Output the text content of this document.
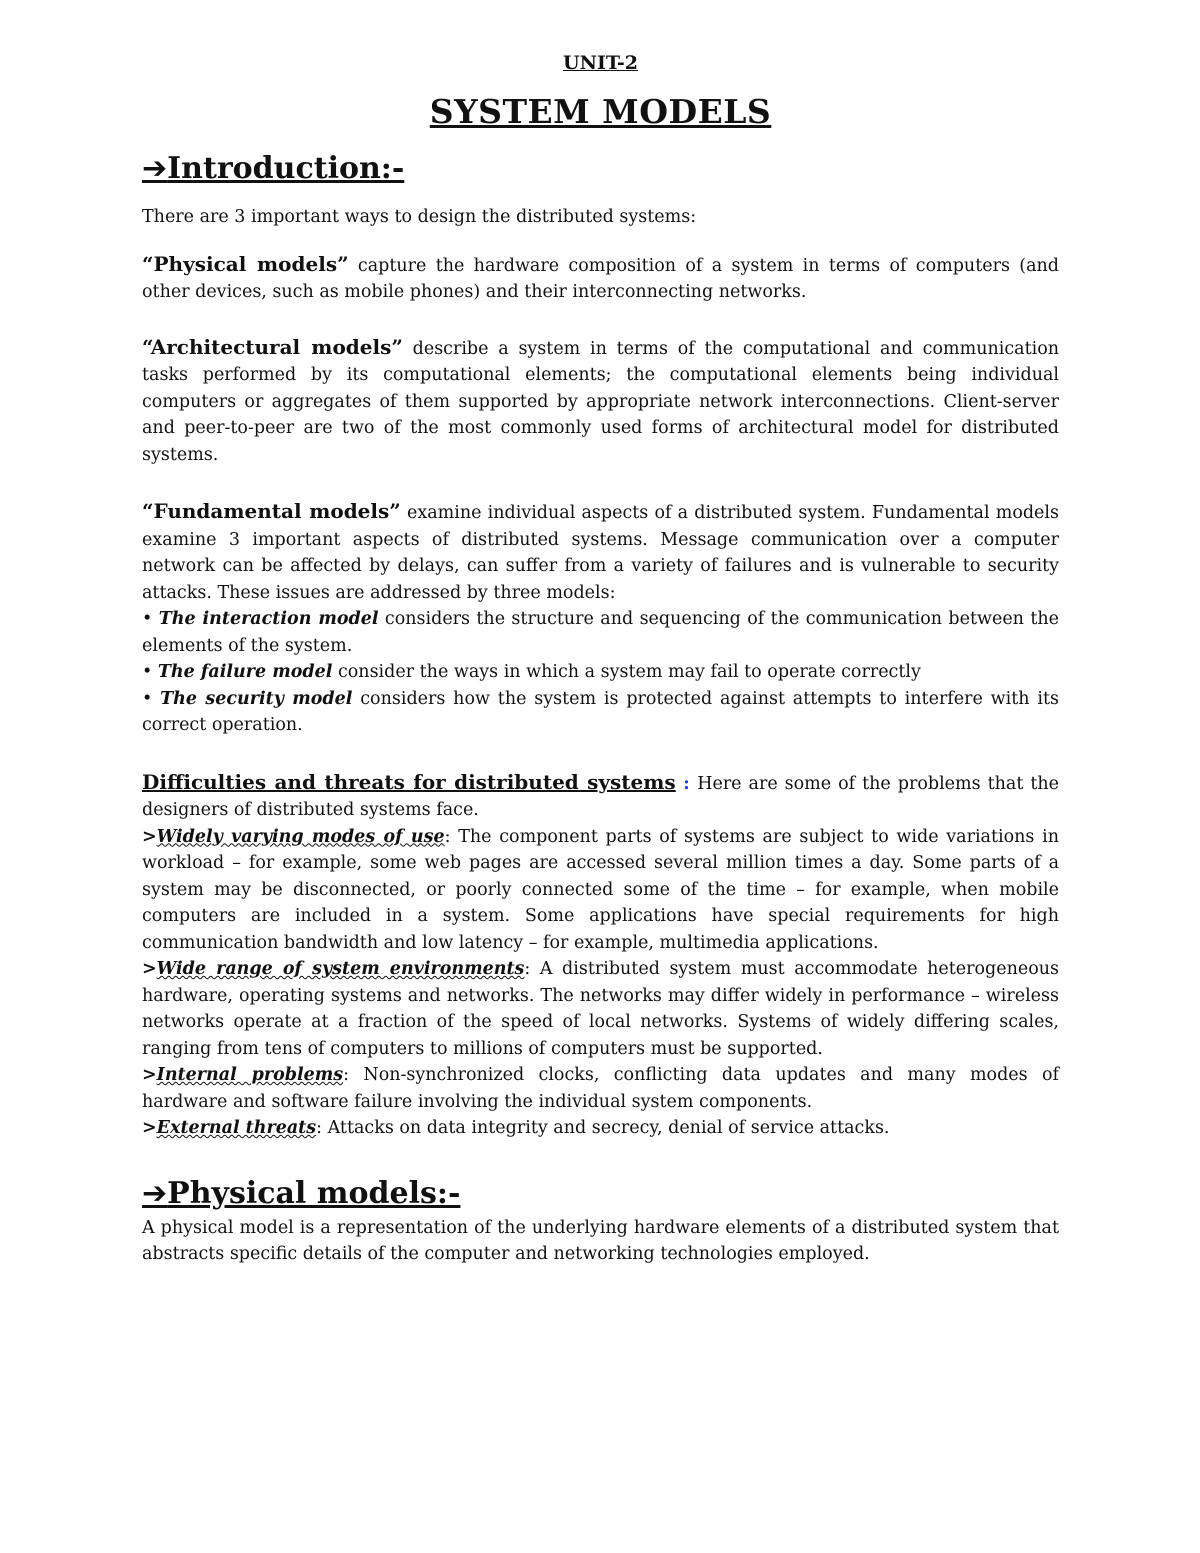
UNIT-2

SYSTEM MODELS

➔Introduction:-

There are 3 important ways to design the distributed systems:

“Physical models” capture the hardware composition of a system in terms of computers (and other devices, such as mobile phones) and their interconnecting networks.

“Architectural models” describe a system in terms of the computational and communication tasks performed by its computational elements; the computational elements being individual computers or aggregates of them supported by appropriate network interconnections. Client-server and peer-to-peer are two of the most commonly used forms of architectural model for distributed systems.

“Fundamental models” examine individual aspects of a distributed system. Fundamental models examine 3 important aspects of distributed systems. Message communication over a computer network can be affected by delays, can suffer from a variety of failures and is vulnerable to security attacks. These issues are addressed by three models:

• The interaction model considers the structure and sequencing of the communication between the elements of the system.

• The failure model consider the ways in which a system may fail to operate correctly

• The security model considers how the system is protected against attempts to interfere with its correct operation.

Difficulties and threats for distributed systems : Here are some of the problems that the designers of distributed systems face.

>Widely varying modes of use: The component parts of systems are subject to wide variations in workload – for example, some web pages are accessed several million times a day. Some parts of a system may be disconnected, or poorly connected some of the time – for example, when mobile computers are included in a system. Some applications have special requirements for high communication bandwidth and low latency – for example, multimedia applications.

>Wide range of system environments: A distributed system must accommodate heterogeneous hardware, operating systems and networks. The networks may differ widely in performance – wireless networks operate at a fraction of the speed of local networks. Systems of widely differing scales, ranging from tens of computers to millions of computers must be supported.

>Internal problems: Non-synchronized clocks, conflicting data updates and many modes of hardware and software failure involving the individual system components.

>External threats: Attacks on data integrity and secrecy, denial of service attacks.

➔Physical models:-

A physical model is a representation of the underlying hardware elements of a distributed system that abstracts specific details of the computer and networking technologies employed.
